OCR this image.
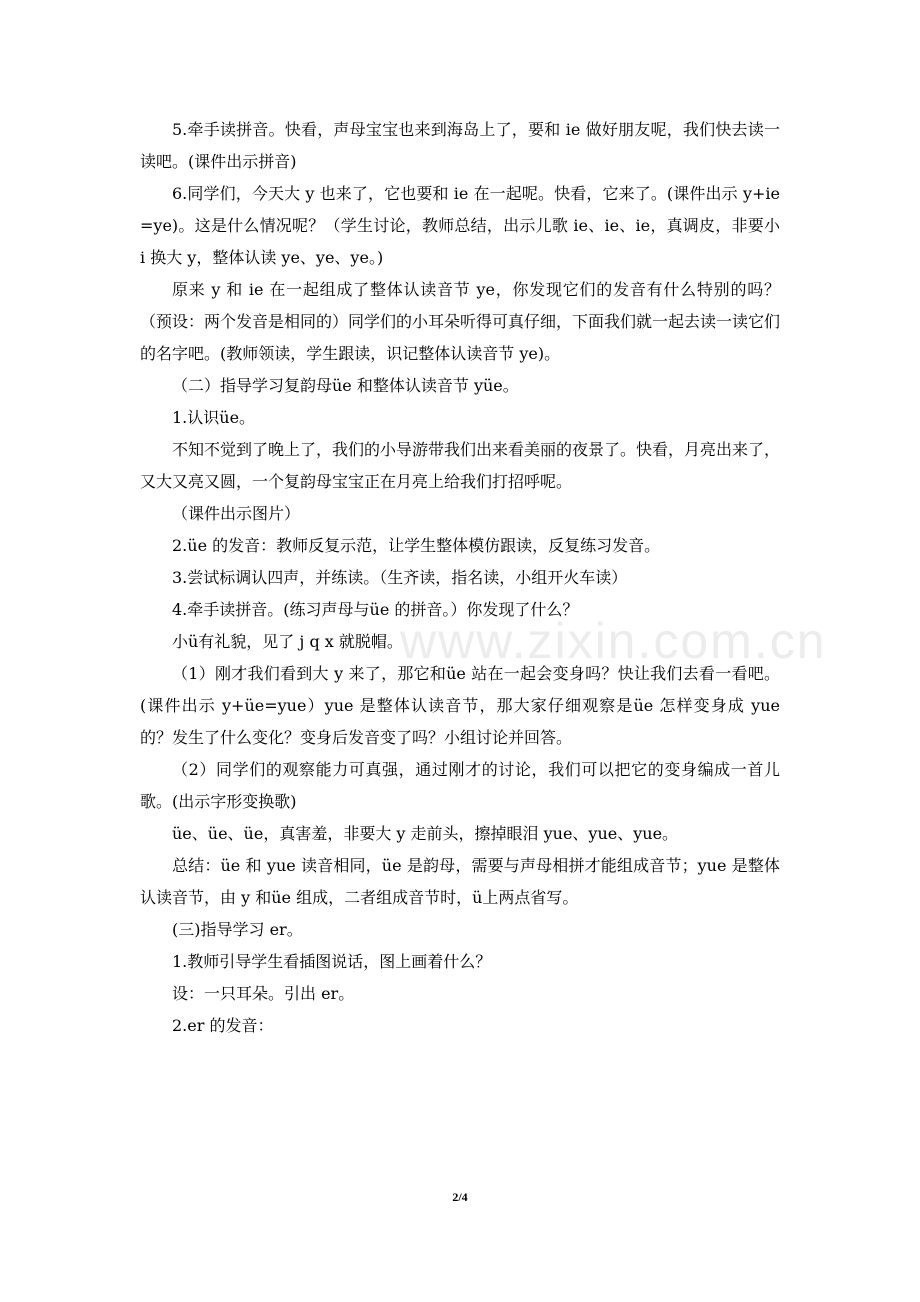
5.牵手读拼音。快看，声母宝宝也来到海岛上了，要和 ie 做好朋友呢，我们快去读一读吧。(课件出示拼音)

6.同学们，今天大 y 也来了，它也要和 ie 在一起呢。快看，它来了。(课件出示 y+ie=ye)。这是什么情况呢？（学生讨论，教师总结，出示儿歌 ie、ie、ie，真调皮，非要小 i 换大 y，整体认读 ye、ye、ye。)

原来 y 和 ie 在一起组成了整体认读音节 ye，你发现它们的发音有什么特别的吗？（预设：两个发音是相同的）同学们的小耳朵听得可真仔细，下面我们就一起去读一读它们的名字吧。(教师领读，学生跟读，识记整体认读音节 ye)。

（二）指导学习复韵母üe 和整体认读音节 yüe。

1.认识üe。

不知不觉到了晚上了，我们的小导游带我们出来看美丽的夜景了。快看，月亮出来了，又大又亮又圆，一个复韵母宝宝正在月亮上给我们打招呼呢。

（课件出示图片）

2.üe 的发音：教师反复示范，让学生整体模仿跟读，反复练习发音。

3.尝试标调认四声，并练读。（生齐读，指名读，小组开火车读）

4.牵手读拼音。(练习声母与üe 的拼音。）你发现了什么？

小ü有礼貌，见了 j q x 就脱帽。

（1）刚才我们看到大 y 来了，那它和üe 站在一起会变身吗？快让我们去看一看吧。(课件出示 y+üe=yue）yue 是整体认读音节，那大家仔细观察是üe 怎样变身成 yue 的？发生了什么变化？变身后发音变了吗？小组讨论并回答。

（2）同学们的观察能力可真强，通过刚才的讨论，我们可以把它的变身编成一首儿歌。(出示字形变换歌)

üe、üe、üe，真害羞，非要大 y 走前头，擦掉眼泪 yue、yue、yue。

总结：üe 和 yue 读音相同，üe 是韵母，需要与声母相拼才能组成音节；yue 是整体认读音节，由 y 和üe 组成，二者组成音节时，ü上两点省写。

(三)指导学习 er。

1.教师引导学生看插图说话，图上画着什么？

设：一只耳朵。引出 er。

2.er 的发音：

www.zixin.com.cn
2/4
